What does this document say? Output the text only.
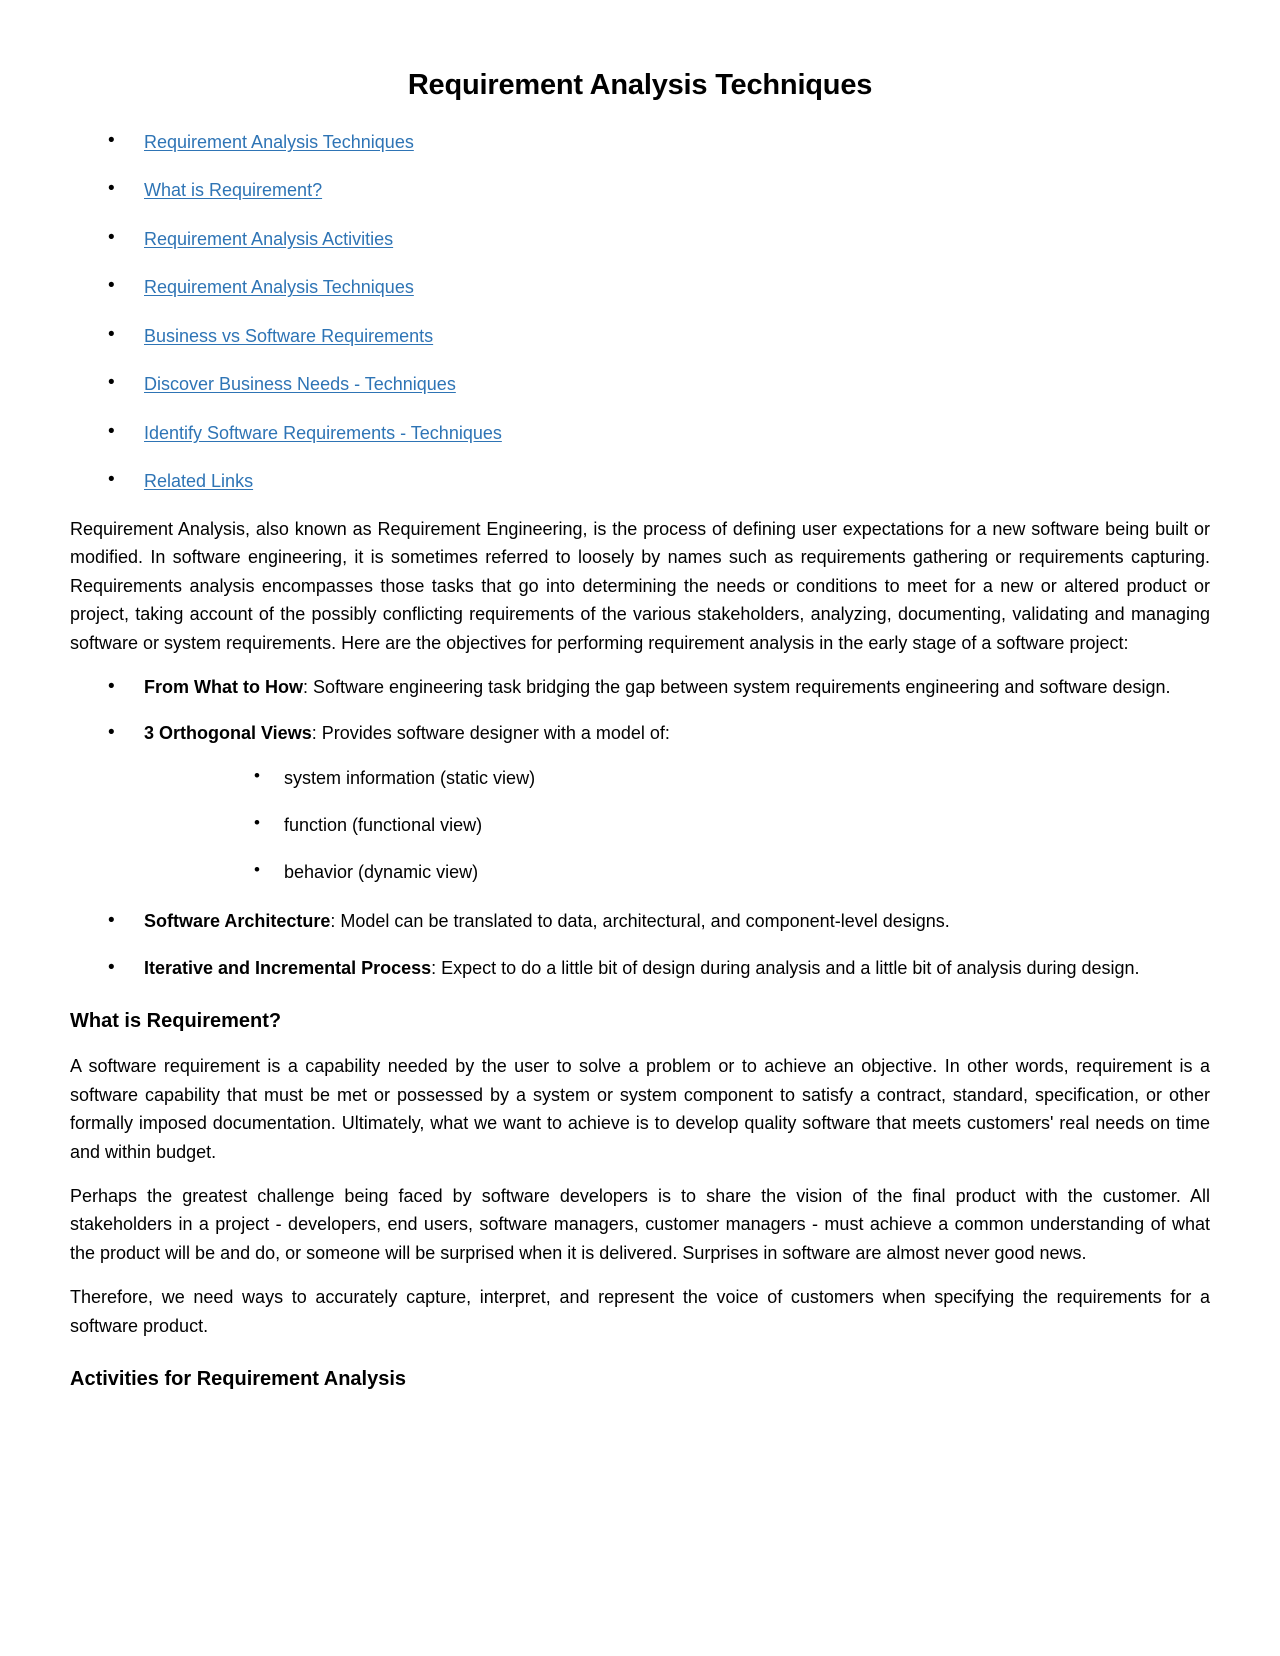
Requirement Analysis Techniques
• Requirement Analysis Techniques
• What is Requirement?
• Requirement Analysis Activities
• Requirement Analysis Techniques
• Business vs Software Requirements
• Discover Business Needs - Techniques
• Identify Software Requirements - Techniques
• Related Links

Requirement Analysis, also known as Requirement Engineering, is the process of defining user expectations for a new software being built or modified. In software engineering, it is sometimes referred to loosely by names such as requirements gathering or requirements capturing. Requirements analysis encompasses those tasks that go into determining the needs or conditions to meet for a new or altered product or project, taking account of the possibly conflicting requirements of the various stakeholders, analyzing, documenting, validating and managing software or system requirements. Here are the objectives for performing requirement analysis in the early stage of a software project:

• From What to How: Software engineering task bridging the gap between system requirements engineering and software design.
• 3 Orthogonal Views: Provides software designer with a model of:
• system information (static view)
• function (functional view)
• behavior (dynamic view)
• Software Architecture: Model can be translated to data, architectural, and component-level designs.
• Iterative and Incremental Process: Expect to do a little bit of design during analysis and a little bit of analysis during design.
What is Requirement?

A software requirement is a capability needed by the user to solve a problem or to achieve an objective. In other words, requirement is a software capability that must be met or possessed by a system or system component to satisfy a contract, standard, specification, or other formally imposed documentation. Ultimately, what we want to achieve is to develop quality software that meets customers' real needs on time and within budget.

Perhaps the greatest challenge being faced by software developers is to share the vision of the final product with the customer. All stakeholders in a project - developers, end users, software managers, customer managers - must achieve a common understanding of what the product will be and do, or someone will be surprised when it is delivered. Surprises in software are almost never good news.

Therefore, we need ways to accurately capture, interpret, and represent the voice of customers when specifying the requirements for a software product.

Activities for Requirement Analysis
